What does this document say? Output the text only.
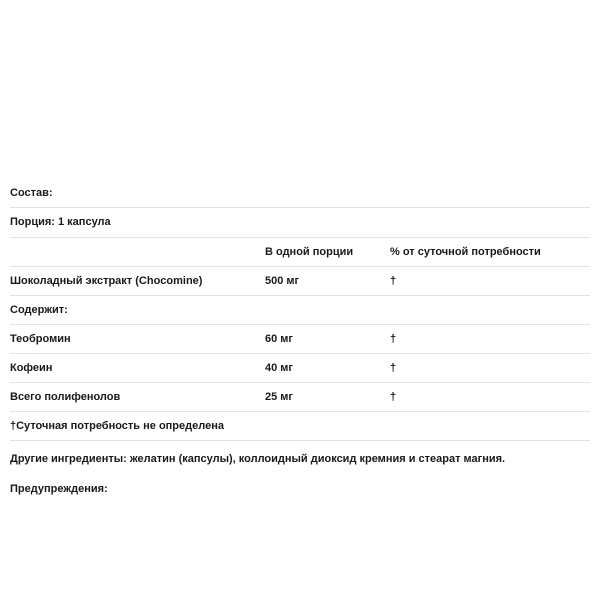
Состав:
Порция: 1 капсула
	В одной порции	% от суточной потребности
Шоколадный экстракт (Chocomine)	500 мг	†
Содержит:		
Теобромин	60 мг	†
Кофеин	40 мг	†
Всего полифенолов	25 мг	†
†Суточная потребность не определена		
Другие ингредиенты: желатин (капсулы), коллоидный диоксид кремния и стеарат магния.
Предупреждения:
